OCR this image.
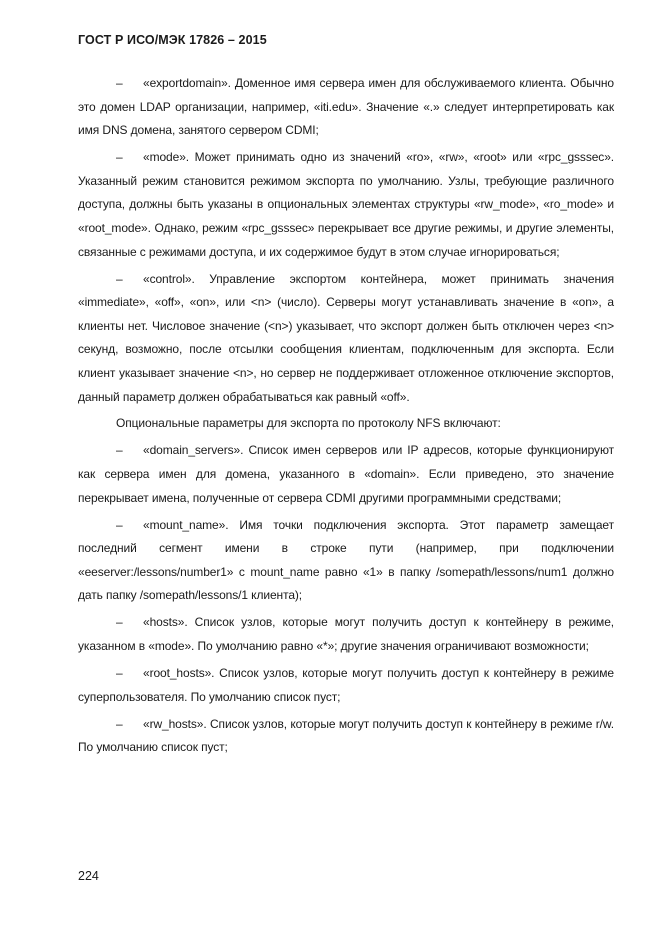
ГОСТ Р ИСО/МЭК 17826 – 2015

– «exportdomain». Доменное имя сервера имен для обслуживаемого клиента. Обычно это домен LDAP организации, например, «iti.edu». Значение «.» следует интерпретировать как имя DNS домена, занятого сервером CDMI;

– «mode». Может принимать одно из значений «ro», «rw», «root» или «rpc_gsssec». Указанный режим становится режимом экспорта по умолчанию. Узлы, требующие различного доступа, должны быть указаны в опциональных элементах структуры «rw_mode», «ro_mode» и «root_mode». Однако, режим «rpc_gsssec» перекрывает все другие режимы, и другие элементы, связанные с режимами доступа, и их содержимое будут в этом случае игнорироваться;

– «control». Управление экспортом контейнера, может принимать значения «immediate», «off», «on», или <n> (число). Серверы могут устанавливать значение в «on», а клиенты нет. Числовое значение (<n>) указывает, что экспорт должен быть отключен через <n> секунд, возможно, после отсылки сообщения клиентам, подключенным для экспорта. Если клиент указывает значение <n>, но сервер не поддерживает отложенное отключение экспортов, данный параметр должен обрабатываться как равный «off».

Опциональные параметры для экспорта по протоколу NFS включают:

– «domain_servers». Список имен серверов или IP адресов, которые функционируют как сервера имен для домена, указанного в «domain». Если приведено, это значение перекрывает имена, полученные от сервера CDMI другими программными средствами;

– «mount_name». Имя точки подключения экспорта. Этот параметр замещает последний сегмент имени в строке пути (например, при подключении «eeserver:/lessons/number1» с mount_name равно «1» в папку /somepath/lessons/num1 должно дать папку /somepath/lessons/1 клиента);

– «hosts». Список узлов, которые могут получить доступ к контейнеру в режиме, указанном в «mode». По умолчанию равно «*»; другие значения ограничивают возможности;

– «root_hosts». Список узлов, которые могут получить доступ к контейнеру в режиме суперпользователя. По умолчанию список пуст;

– «rw_hosts». Список узлов, которые могут получить доступ к контейнеру в режиме r/w. По умолчанию список пуст;

224
